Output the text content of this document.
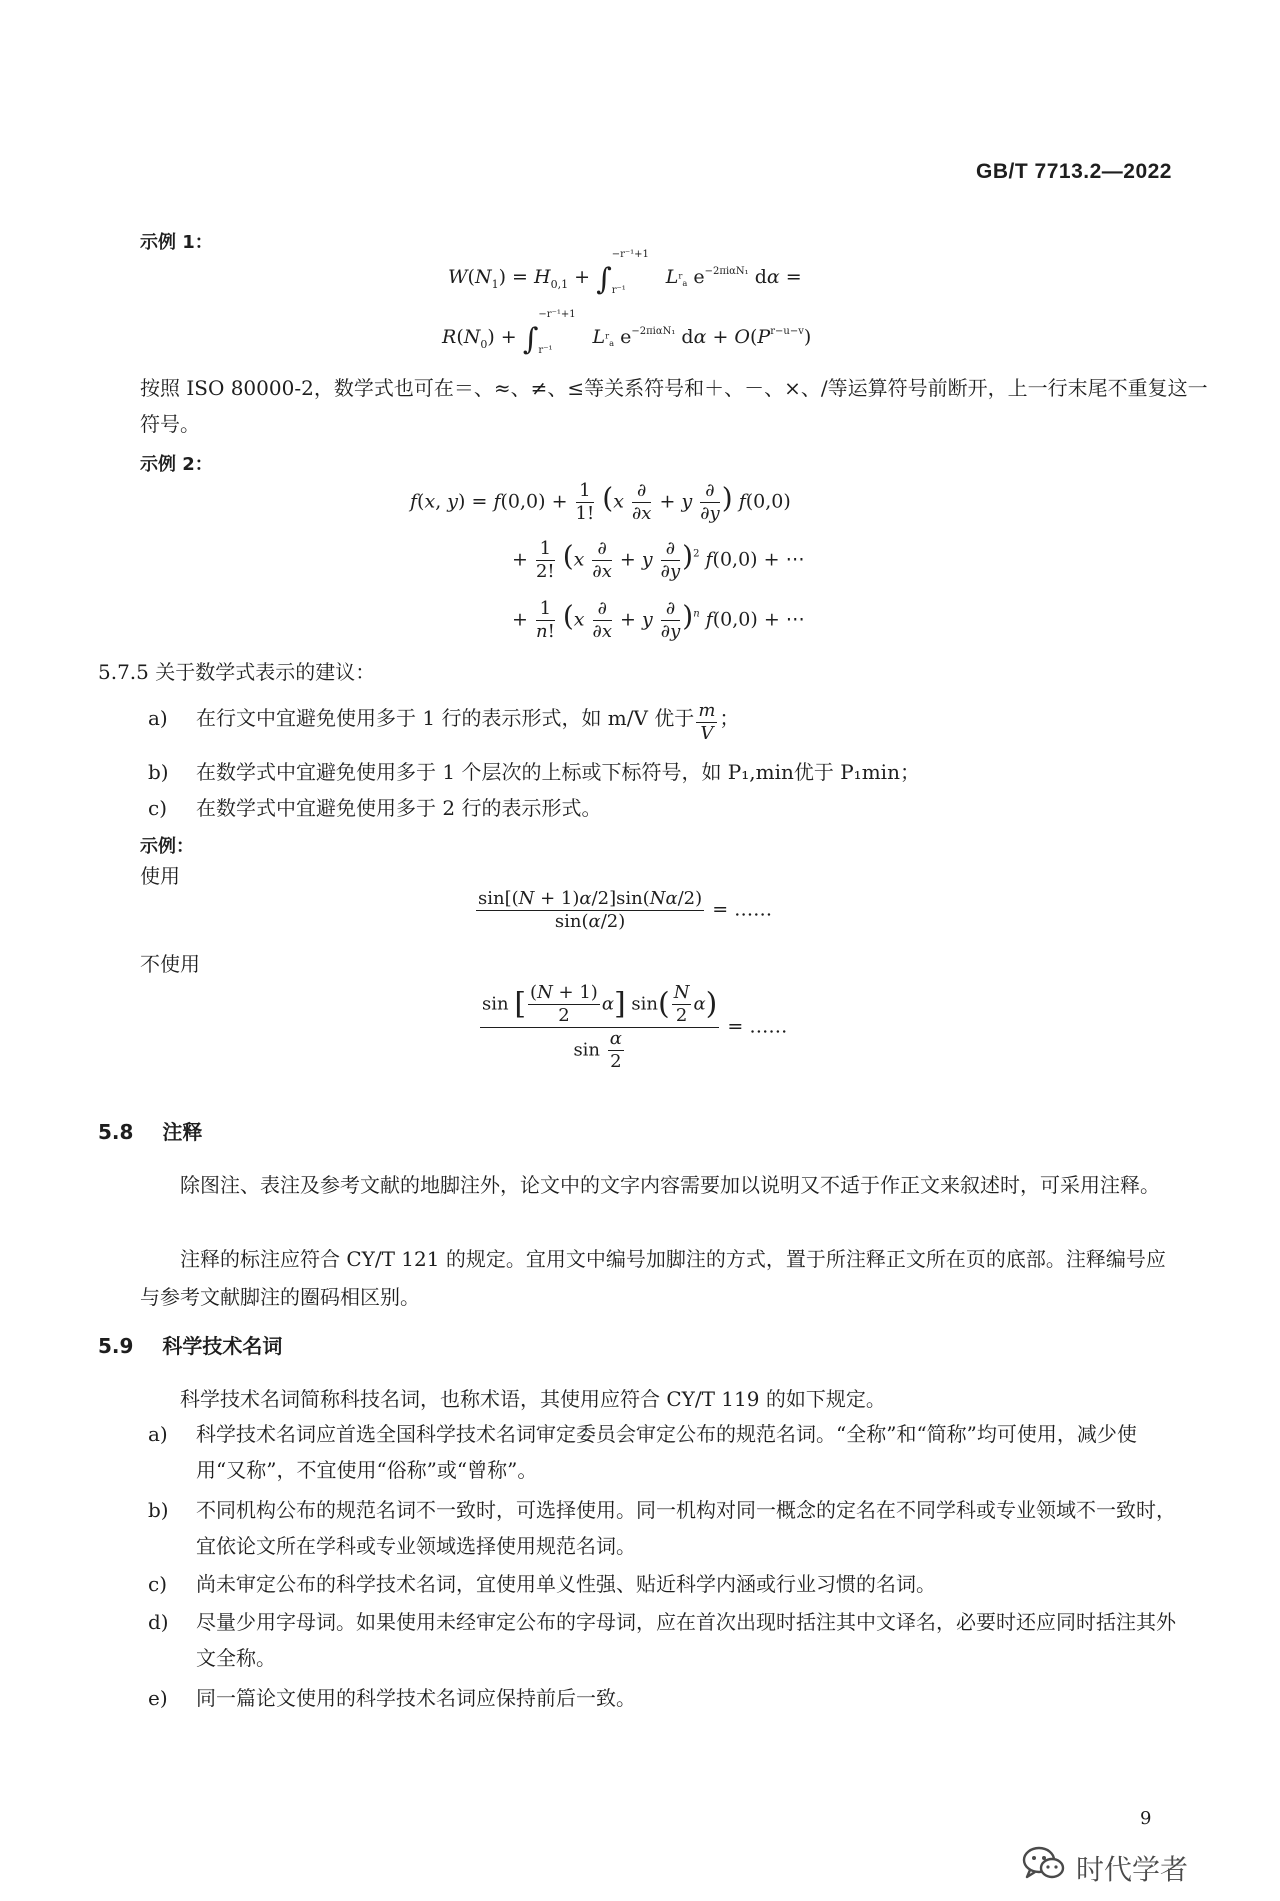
GB/T 7713.2—2022
示例 1：
$W(N_1) = H_{0,1}$ + ∫
−r⁻¹+1
r⁻¹
$L^r_a$ $e^{-2\pi i\alpha N_1}$ dα =
$R(N_0)$ + ∫
−r⁻¹+1
r⁻¹
$L^r_a$ $e^{-2\pi i\alpha N_1}$ $d\alpha + O(P^{r-u-v})$
按照 ISO 80000-2，数学式也可在＝、≈、≠、≤等关系符号和＋、－、×、/等运算符号前断开，上一行末尾不重复这一
符号。
示例 2：
f(x, $y) = f(0,0) + \frac{1}{1!} (x \frac{\partial}{\partial x} + y \frac{\partial}{\partial y}$ ) f(0,0)
+ $\frac{1}{2!} (x \frac{\partial}{\partial x} + y \frac{\partial}{\partial y} )^2$ f(0,0) + ⋯
+ $\frac{1}{n!} (x \frac{\partial}{\partial x} + y \frac{\partial}{\partial y} )^n$ f(0,0) + ⋯
5.7.5 关于数学式表示的建议：
a) 在行文中宜避免使用多于 1 行的表示形式，如 m/V 优于 $\frac{m}{V}$ ；
b) 在数学式中宜避免使用多于 1 个层次的上标或下标符号，如 P₁,min优于 P₁min；
c) 在数学式中宜避免使用多于 2 行的表示形式。
示例：
使用
$\frac{\sin[(N + 1)\alpha/2]\sin(N\alpha/2)}{\sin(\alpha/2)}$ = ……
不使用
$\frac{\sin [ \frac{(N + 1)}{2} \alpha] \sin( \frac{N}{2} \alpha)}{\sin \frac{\alpha}{2}}$ = ……
5.8 注释
除图注、表注及参考文献的地脚注外，论文中的文字内容需要加以说明又不适于作正文来叙述时，可采用注释。
注释的标注应符合 CY/T 121 的规定。宜用文中编号加脚注的方式，置于所注释正文所在页的底部。注释编号应与参考文献脚注的圈码相区别。
5.9 科学技术名词
科学技术名词简称科技名词，也称术语，其使用应符合 CY/T 119 的如下规定。
a) 科学技术名词应首选全国科学技术名词审定委员会审定公布的规范名词。“全称”和“简称”均可使用，减少使用“又称”，不宜使用“俗称”或“曾称”。
b) 不同机构公布的规范名词不一致时，可选择使用。同一机构对同一概念的定名在不同学科或专业领域不一致时，宜依论文所在学科或专业领域选择使用规范名词。
c) 尚未审定公布的科学技术名词，宜使用单义性强、贴近科学内涵或行业习惯的名词。
d) 尽量少用字母词。如果使用未经审定公布的字母词，应在首次出现时括注其中文译名，必要时还应同时括注其外文全称。
e) 同一篇论文使用的科学技术名词应保持前后一致。
9
时代学者
